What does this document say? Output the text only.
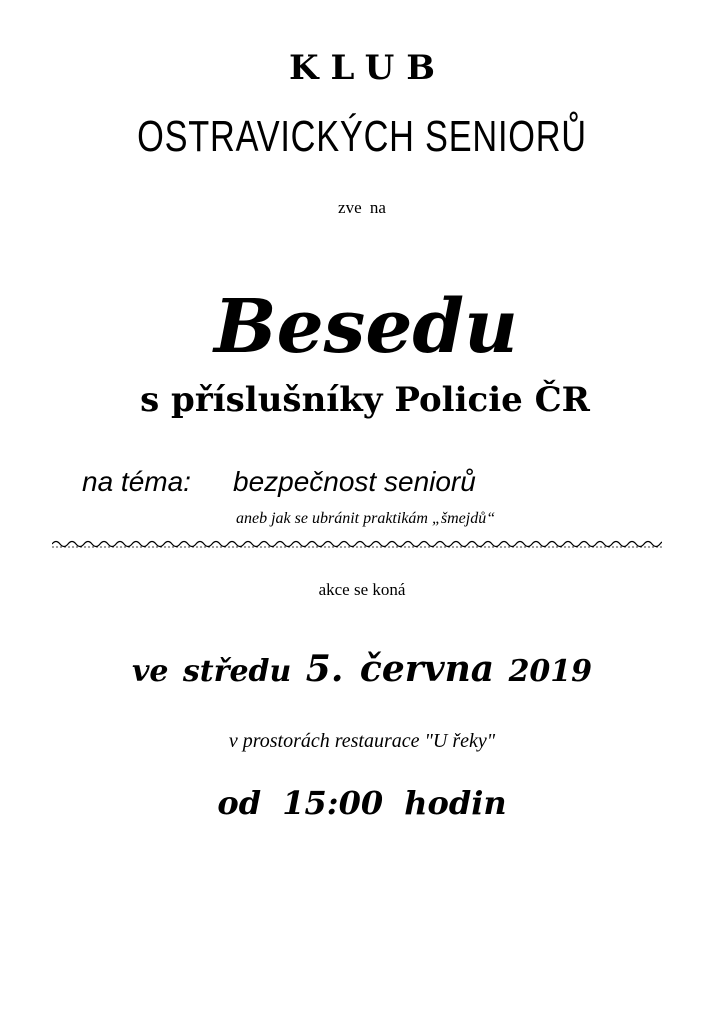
KLUB
OSTRAVICKÝCH SENIORŮ
zve na
Besedu
s příslušníky Policie ČR
na téma: bezpečnost seniorů
aneb jak se ubránit praktikám „šmejdů“
akce se koná
ve středu 5. června 2019
v prostorách restaurace "U řeky"
od 15:00 hodin
